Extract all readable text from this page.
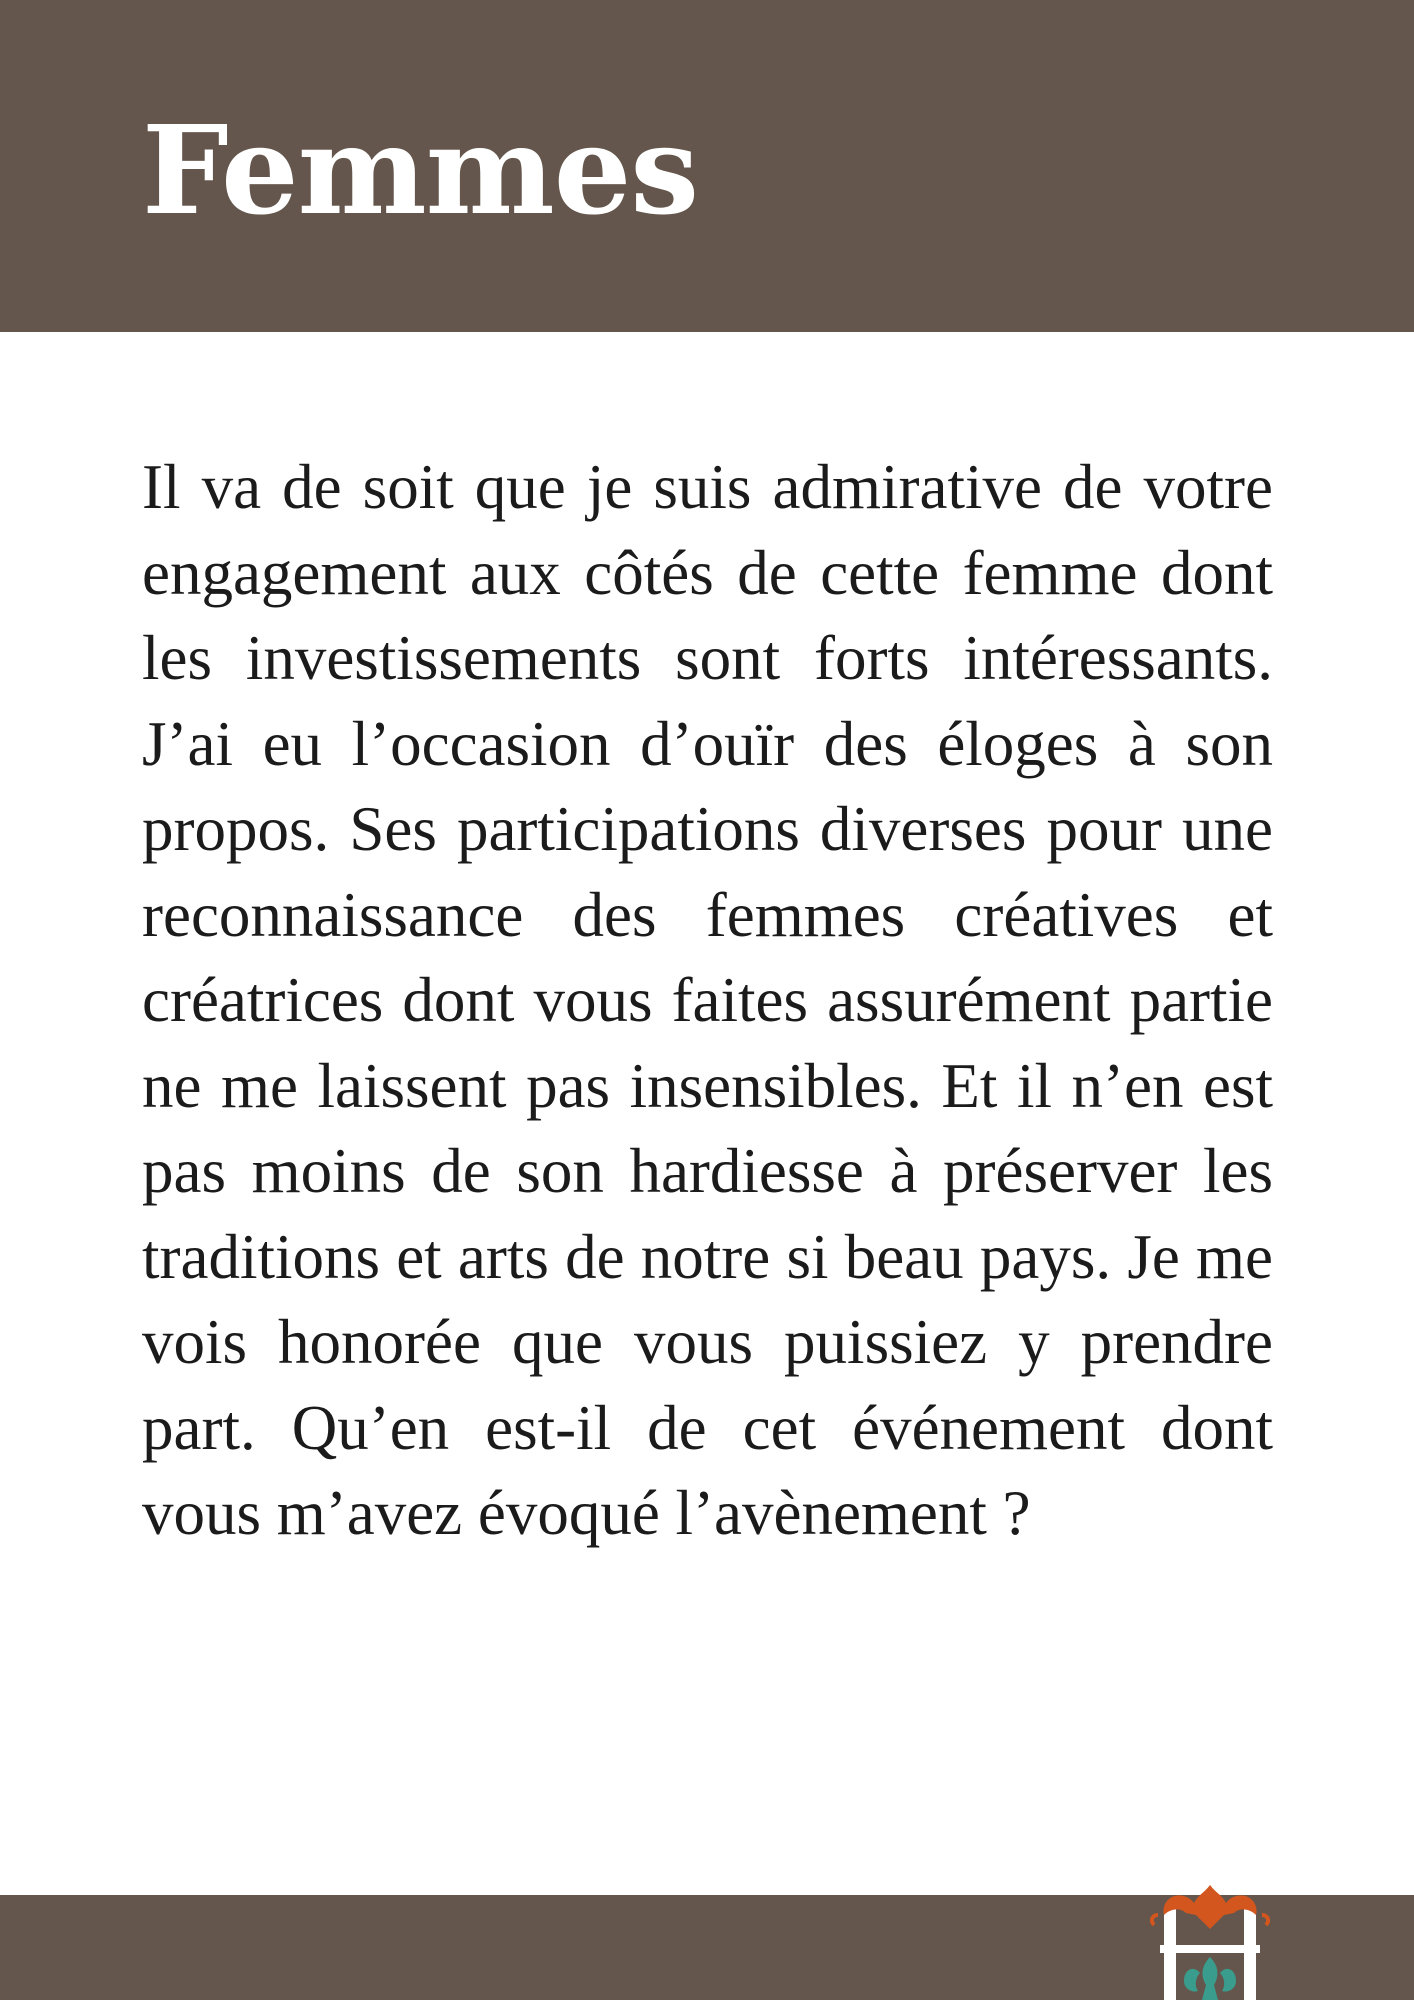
Femmes

Il va de soit que je suis admirative de votre engagement aux côtés de cette femme dont les investissements sont forts intéressants. J’ai eu l’occasion d’ouïr des éloges à son propos. Ses participations diverses pour une reconnaissance des femmes créatives et créatrices dont vous faites assurément partie ne me laissent pas insensibles. Et il n’en est pas moins de son hardiesse à préserver les traditions et arts de notre si beau pays. Je me vois honorée que vous puissiez y prendre part. Qu’en est-il de cet événement dont vous m’avez évoqué l’avènement ?
